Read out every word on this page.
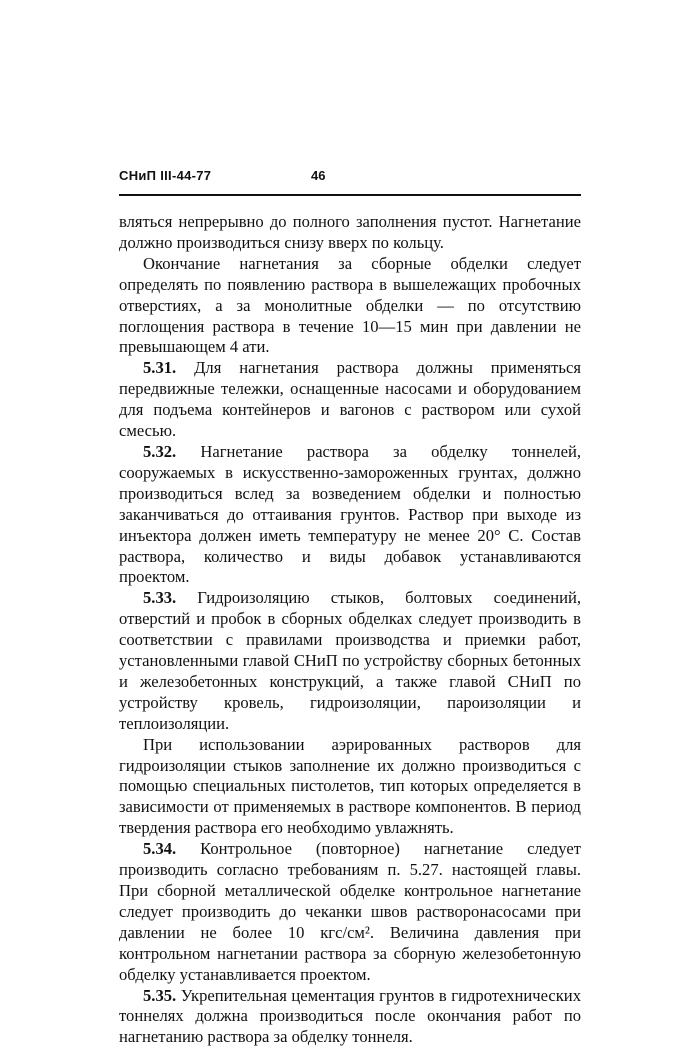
СНиП III-44-77	46

вляться непрерывно до полного заполнения пустот. Нагнетание должно производиться снизу вверх по кольцу.

Окончание нагнетания за сборные обделки следует определять по появлению раствора в вышележащих пробочных отверстиях, а за монолитные обделки — по отсутствию поглощения раствора в течение 10—15 мин при давлении не превышающем 4 ати.

5.31. Для нагнетания раствора должны применяться передвижные тележки, оснащенные насосами и оборудованием для подъема контейнеров и вагонов с раствором или сухой смесью.

5.32. Нагнетание раствора за обделку тоннелей, сооружаемых в искусственно-замороженных грунтах, должно производиться вслед за возведением обделки и полностью заканчиваться до оттаивания грунтов. Раствор при выходе из инъектора должен иметь температуру не менее 20° С. Состав раствора, количество и виды добавок устанавливаются проектом.

5.33. Гидроизоляцию стыков, болтовых соединений, отверстий и пробок в сборных обделках следует производить в соответствии с правилами производства и приемки работ, установленными главой СНиП по устройству сборных бетонных и железобетонных конструкций, а также главой СНиП по устройству кровель, гидроизоляции, пароизоляции и теплоизоляции.

При использовании аэрированных растворов для гидроизоляции стыков заполнение их должно производиться с помощью специальных пистолетов, тип которых определяется в зависимости от применяемых в растворе компонентов. В период твердения раствора его необходимо увлажнять.

5.34. Контрольное (повторное) нагнетание следует производить согласно требованиям п. 5.27. настоящей главы. При сборной металлической обделке контрольное нагнетание следует производить до чеканки швов растворонасосами при давлении не более 10 кгс/см². Величина давления при контрольном нагнетании раствора за сборную железобетонную обделку устанавливается проектом.

5.35. Укрепительная цементация грунтов в гидротехнических тоннелях должна производиться после окончания работ по нагнетанию раствора за обделку тоннеля.
